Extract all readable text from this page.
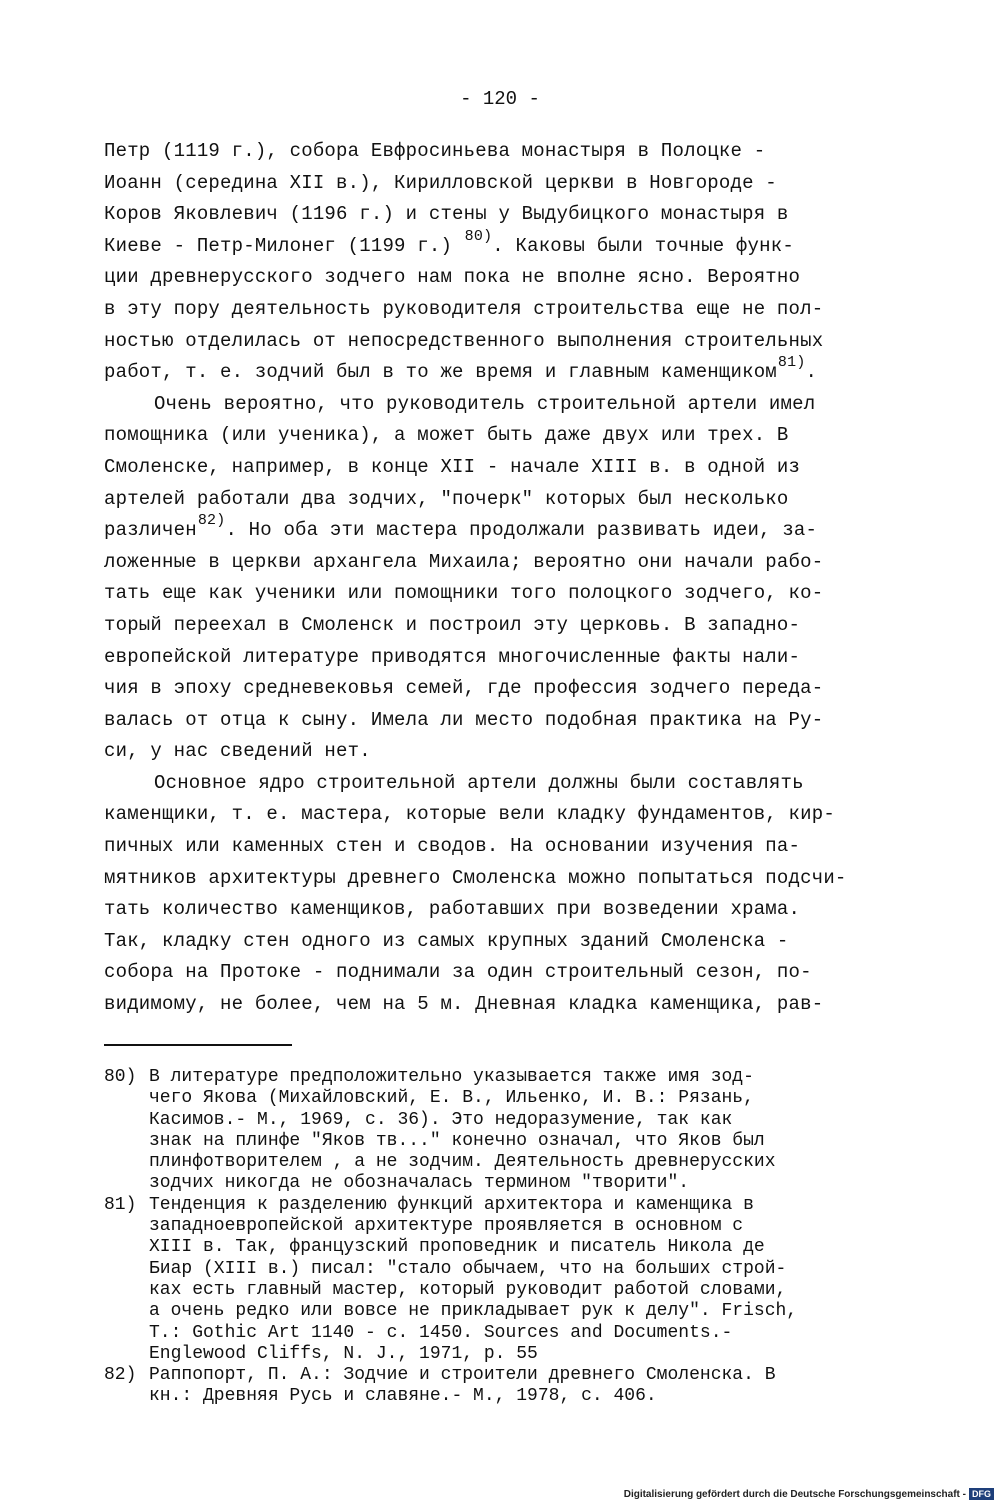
- 120 -
Петр (1119 г.), собора Евфросиньева монастыря в Полоцке -
Иоанн (середина XII в.), Кирилловской церкви в Новгороде -
Коров Яковлевич (1196 г.) и стены у Выдубицкого монастыря в
Киеве - Петр-Милонег (1199 г.) $^{80)}$. Каковы были точные функ-
ции древнерусского зодчего нам пока не вполне ясно. Вероятно
в эту пору деятельность руководителя строительства еще не пол-
ностью отделилась от непосредственного выполнения строительных
работ, т. е. зодчий был в то же время и главным каменщиком$^{81)}$.
Очень вероятно, что руководитель строительной артели имел
помощника (или ученика), а может быть даже двух или трех. В
Смоленске, например, в конце XII - начале XIII в. в одной из
артелей работали два зодчих, "почерк" которых был несколько
различен$^{82)}$. Но оба эти мастера продолжали развивать идеи, за-
ложенные в церкви архангела Михаила; вероятно они начали рабо-
тать еще как ученики или помощники того полоцкого зодчего, ко-
торый переехал в Смоленск и построил эту церковь. В западно-
европейской литературе приводятся многочисленные факты нали-
чия в эпоху средневековья семей, где профессия зодчего переда-
валась от отца к сыну. Имела ли место подобная практика на Ру-
си, у нас сведений нет.
Основное ядро строительной артели должны были составлять
каменщики, т. е. мастера, которые вели кладку фундаментов, кир-
пичных или каменных стен и сводов. На основании изучения па-
мятников архитектуры древнего Смоленска можно попытаться подсчи-
тать количество каменщиков, работавших при возведении храма.
Так, кладку стен одного из самых крупных зданий Смоленска -
собора на Протоке - поднимали за один строительный сезон, по-
видимому, не более, чем на 5 м. Дневная кладка каменщика, рав-
80) В литературе предположительно указывается также имя зод-
чего Якова (Михайловский, Е. В., Ильенко, И. В.: Рязань,
Касимов.- М., 1969, с. 36). Это недоразумение, так как
знак на плинфе "Яков тв..." конечно означал, что Яков был
плинфотворителем , а не зодчим. Деятельность древнерусских
зодчих никогда не обозначалась термином "творити".
81) Тенденция к разделению функций архитектора и каменщика в
западноевропейской архитектуре проявляется в основном с
XIII в. Так, французский проповедник и писатель Никола де
Биар (XIII в.) писал: "стало обычаем, что на больших строй-
ках есть главный мастер, который руководит работой словами,
а очень редко или вовсе не прикладывает рук к делу". Frisch,
T.: Gothic Art 1140 - c. 1450. Sources and Documents.-
Englewood Cliffs, N. J., 1971, p. 55
82) Раппопорт, П. А.: Зодчие и строители древнего Смоленска. В
кн.: Древняя Русь и славяне.- М., 1978, с. 406.
Digitalisierung gefördert durch die Deutsche Forschungsgemeinschaft - DFG
